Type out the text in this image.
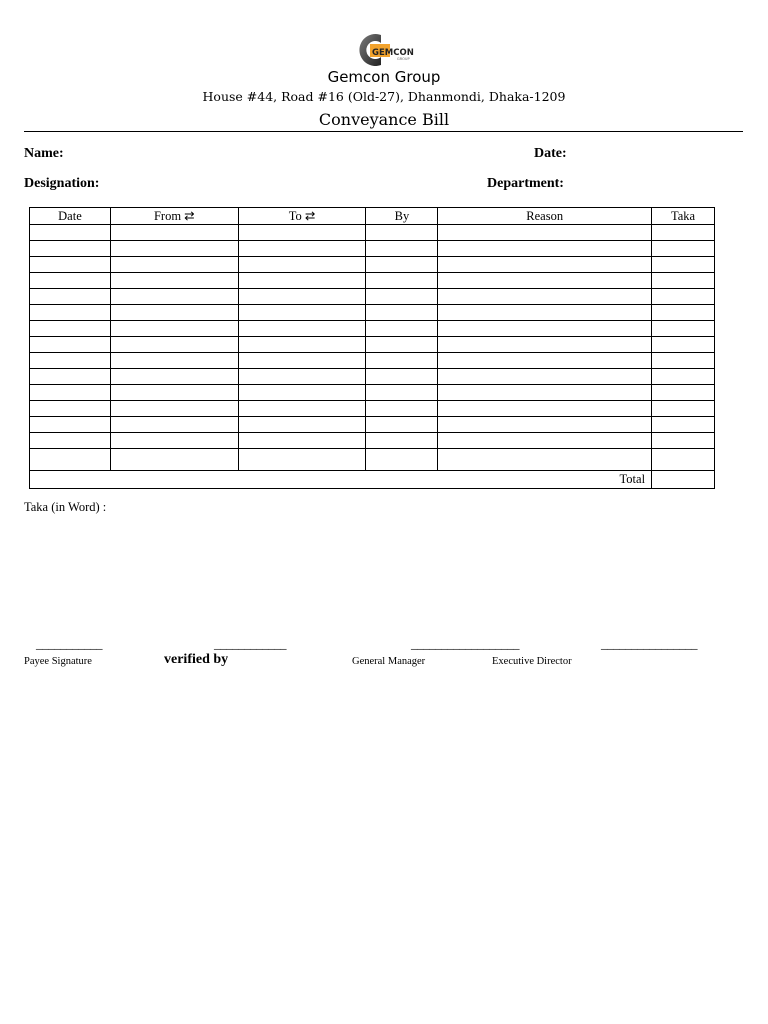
GEMCON
GROUP
Gemcon Group
House #44, Road #16 (Old-27), Dhanmondi, Dhaka-1209
Conveyance Bill
Name:	Date:
Designation:	Department:
Date	From ⇄	To ⇄	By	Reason	Taka

Total					
Taka (in Word) :
___________	____________	__________________	________________
Payee Signature	verified by	General Manager	Executive Director
